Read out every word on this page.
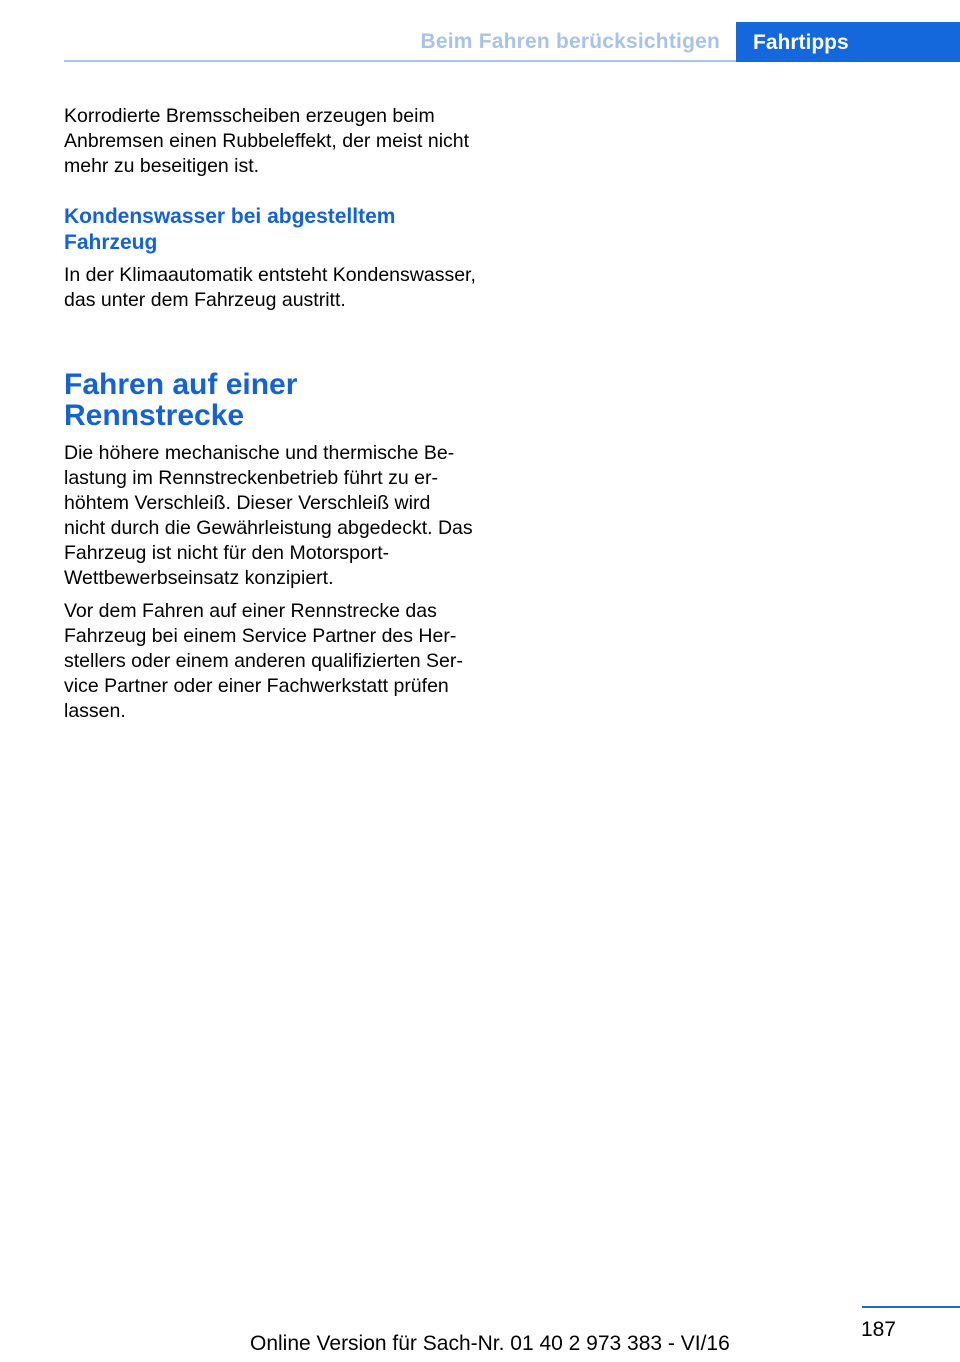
Beim Fahren berücksichtigen	Fahrtipps

Korrodierte Bremsscheiben erzeugen beim Anbremsen einen Rubbeleffekt, der meist nicht mehr zu beseitigen ist.

Kondenswasser bei abgestelltem Fahrzeug

In der Klimaautomatik entsteht Kondenswasser, das unter dem Fahrzeug austritt.

Fahren auf einer Rennstrecke

Die höhere mechanische und thermische Belastung im Rennstreckenbetrieb führt zu erhöhtem Verschleiß. Dieser Verschleiß wird nicht durch die Gewährleistung abgedeckt. Das Fahrzeug ist nicht für den MotorsportWettbewerbseinsatz konzipiert.

Vor dem Fahren auf einer Rennstrecke das Fahrzeug bei einem Service Partner des Herstellers oder einem anderen qualifizierten Service Partner oder einer Fachwerkstatt prüfen lassen.

187
Online Version für Sach-Nr. 01 40 2 973 383 - VI/16
